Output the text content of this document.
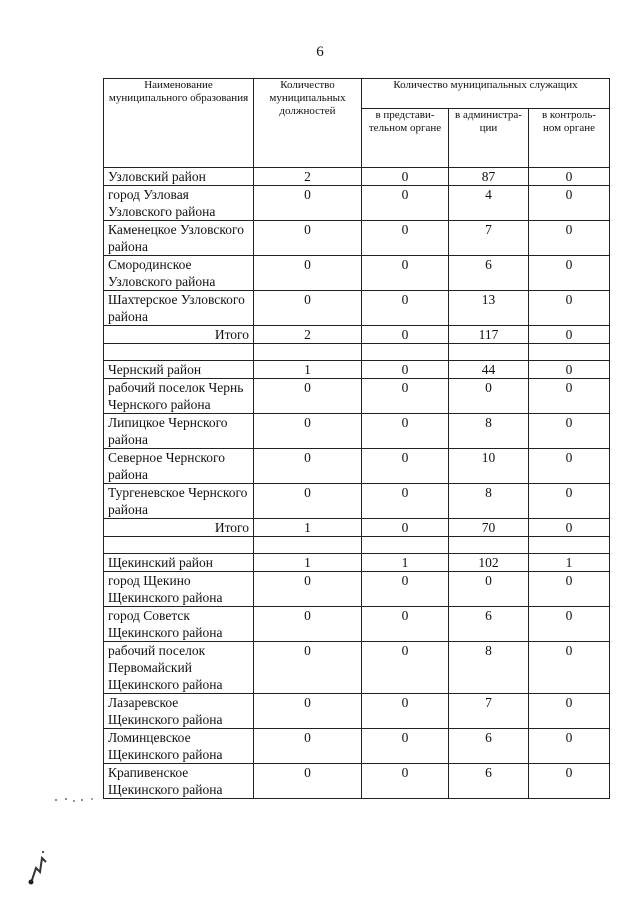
6
Наименование муниципального образования	Количество муниципальных должностей	Количество муниципальных служащих		
		в представи-тельном органе	в администра-ции	в контроль-ном органе
Узловский район	2	0	87	0
город Узловая Узловского района	0	0	4	0
Каменецкое Узловского района	0	0	7	0
Смородинское Узловского района	0	0	6	0
Шахтерское Узловского района	0	0	13	0
Итого	2	0	117	0

Чернский район	1	0	44	0
рабочий поселок Чернь Чернского района	0	0	0	0
Липицкое Чернского района	0	0	8	0
Северное Чернского района	0	0	10	0
Тургеневское Чернского района	0	0	8	0
Итого	1	0	70	0

Щекинский район	1	1	102	1
город Щекино Щекинского района	0	0	0	0
город Советск Щекинского района	0	0	6	0
рабочий поселок Первомайский Щекинского района	0	0	8	0
Лазаревское Щекинского района	0	0	7	0
Ломинцевское Щекинского района	0	0	6	0
Крапивенское Щекинского района	0	0	6	0
